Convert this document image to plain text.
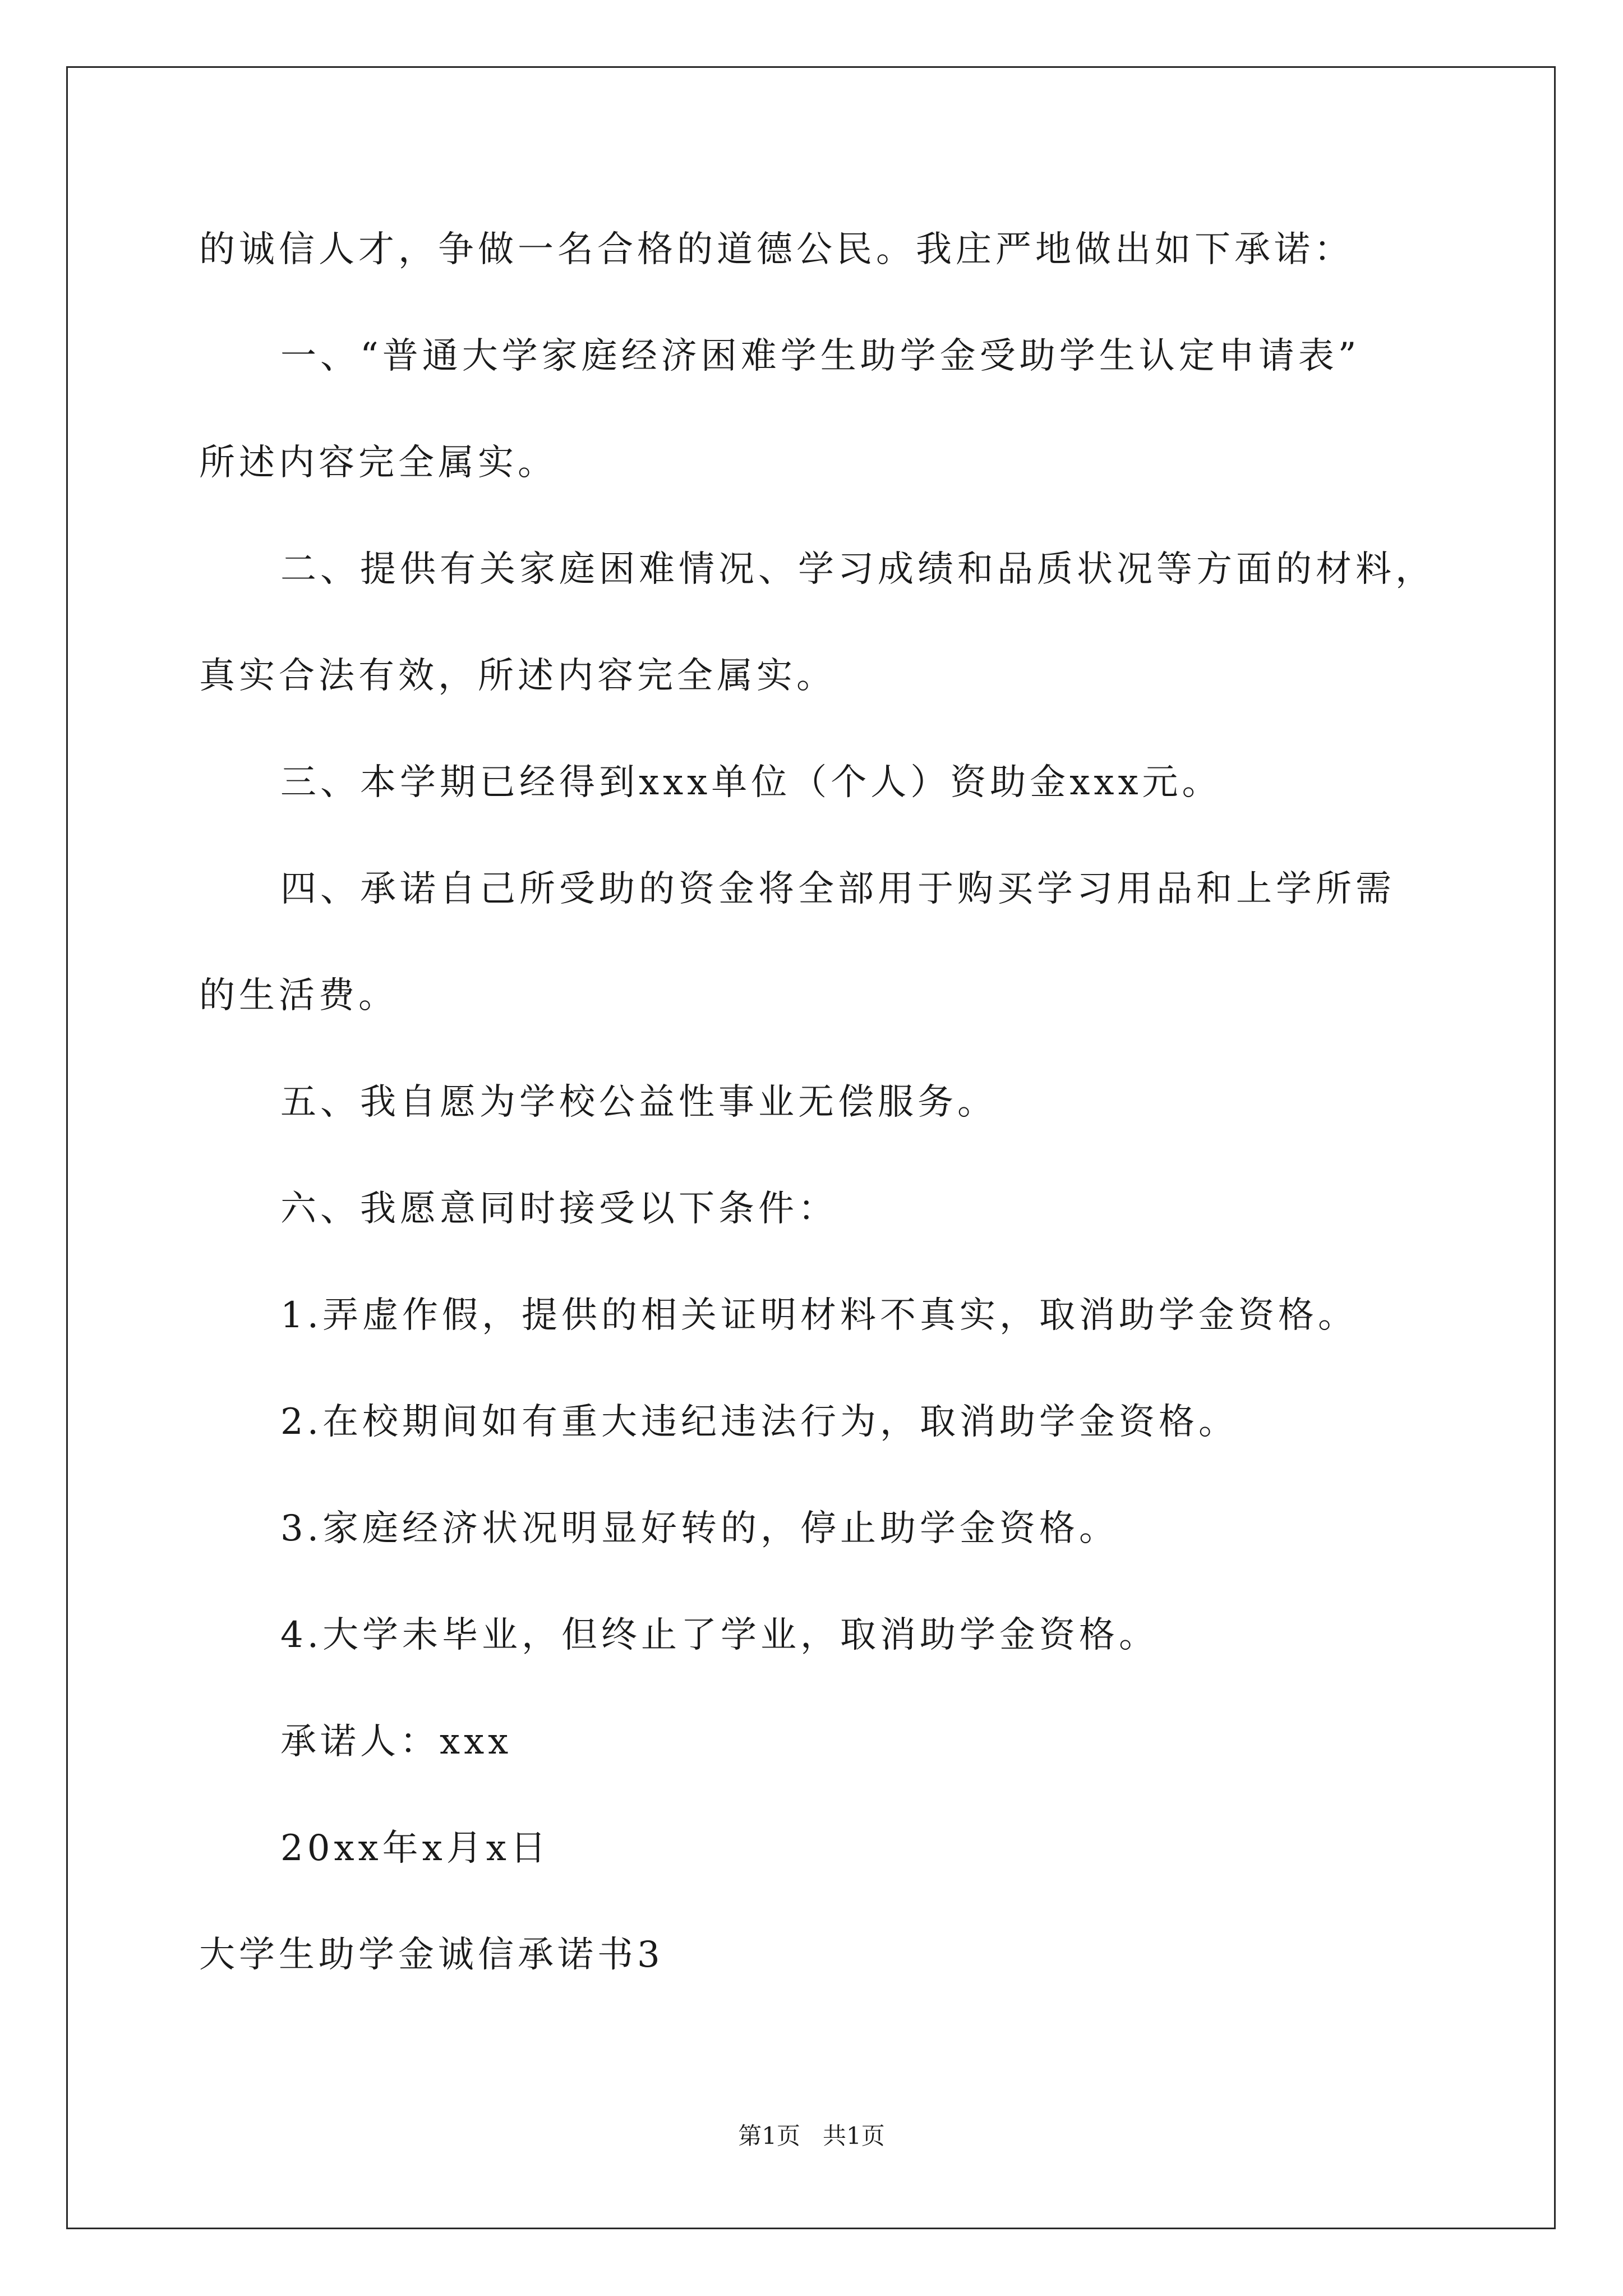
的诚信人才，争做一名合格的道德公民。我庄严地做出如下承诺：
一、“普通大学家庭经济困难学生助学金受助学生认定申请表”
所述内容完全属实。
二、提供有关家庭困难情况、学习成绩和品质状况等方面的材料，
真实合法有效，所述内容完全属实。
三、本学期已经得到xxx单位（个人）资助金xxx元。
四、承诺自己所受助的资金将全部用于购买学习用品和上学所需
的生活费。
五、我自愿为学校公益性事业无偿服务。
六、我愿意同时接受以下条件：
1.弄虚作假，提供的相关证明材料不真实，取消助学金资格。
2.在校期间如有重大违纪违法行为，取消助学金资格。
3.家庭经济状况明显好转的，停止助学金资格。
4.大学未毕业，但终止了学业，取消助学金资格。
承诺人：xxx
20xx年x月x日
大学生助学金诚信承诺书3
第1页   共1页
